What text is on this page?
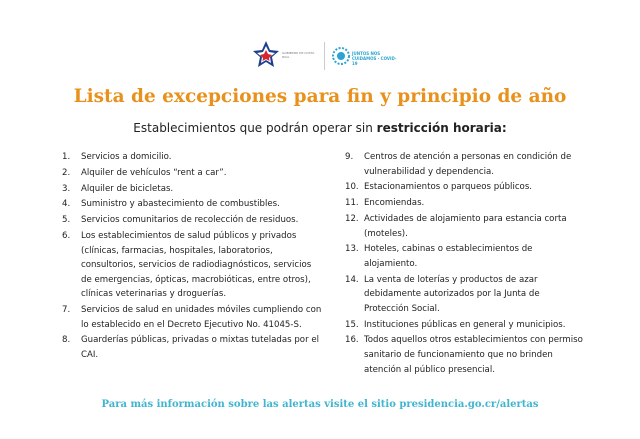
GOBIERNO DE COSTA RICA
JUNTOS NOS CUIDAMOS · COVID-19
Lista de excepciones para fin y principio de año
Establecimientos que podrán operar sin restricción horaria:
1.	Servicios a domicilio.
2.	Alquiler de vehículos “rent a car”.
3.	Alquiler de bicicletas.
4.	Suministro y abastecimiento de combustibles.
5.	Servicios comunitarios de recolección de residuos.
6.	Los establecimientos de salud públicos y privados (clínicas, farmacias, hospitales, laboratorios, consultorios, servicios de radiodiagnósticos, servicios de emergencias, ópticas, macrobióticas, entre otros), clínicas veterinarias y droguerías.
7.	Servicios de salud en unidades móviles cumpliendo con lo establecido en el Decreto Ejecutivo No. 41045-S.
8.	Guarderías públicas, privadas o mixtas tuteladas por el CAI.
9.	Centros de atención a personas en condición de vulnerabilidad y dependencia.
10. Estacionamientos o parqueos públicos.
11. Encomiendas.
12. Actividades de alojamiento para estancia corta (moteles).
13. Hoteles, cabinas o establecimientos de alojamiento.
14. La venta de loterías y productos de azar debidamente autorizados por la Junta de Protección Social.
15. Instituciones públicas en general y municipios.
16. Todos aquellos otros establecimientos con permiso sanitario de funcionamiento que no brinden atención al público presencial.
Para más información sobre las alertas visite el sitio presidencia.go.cr/alertas
